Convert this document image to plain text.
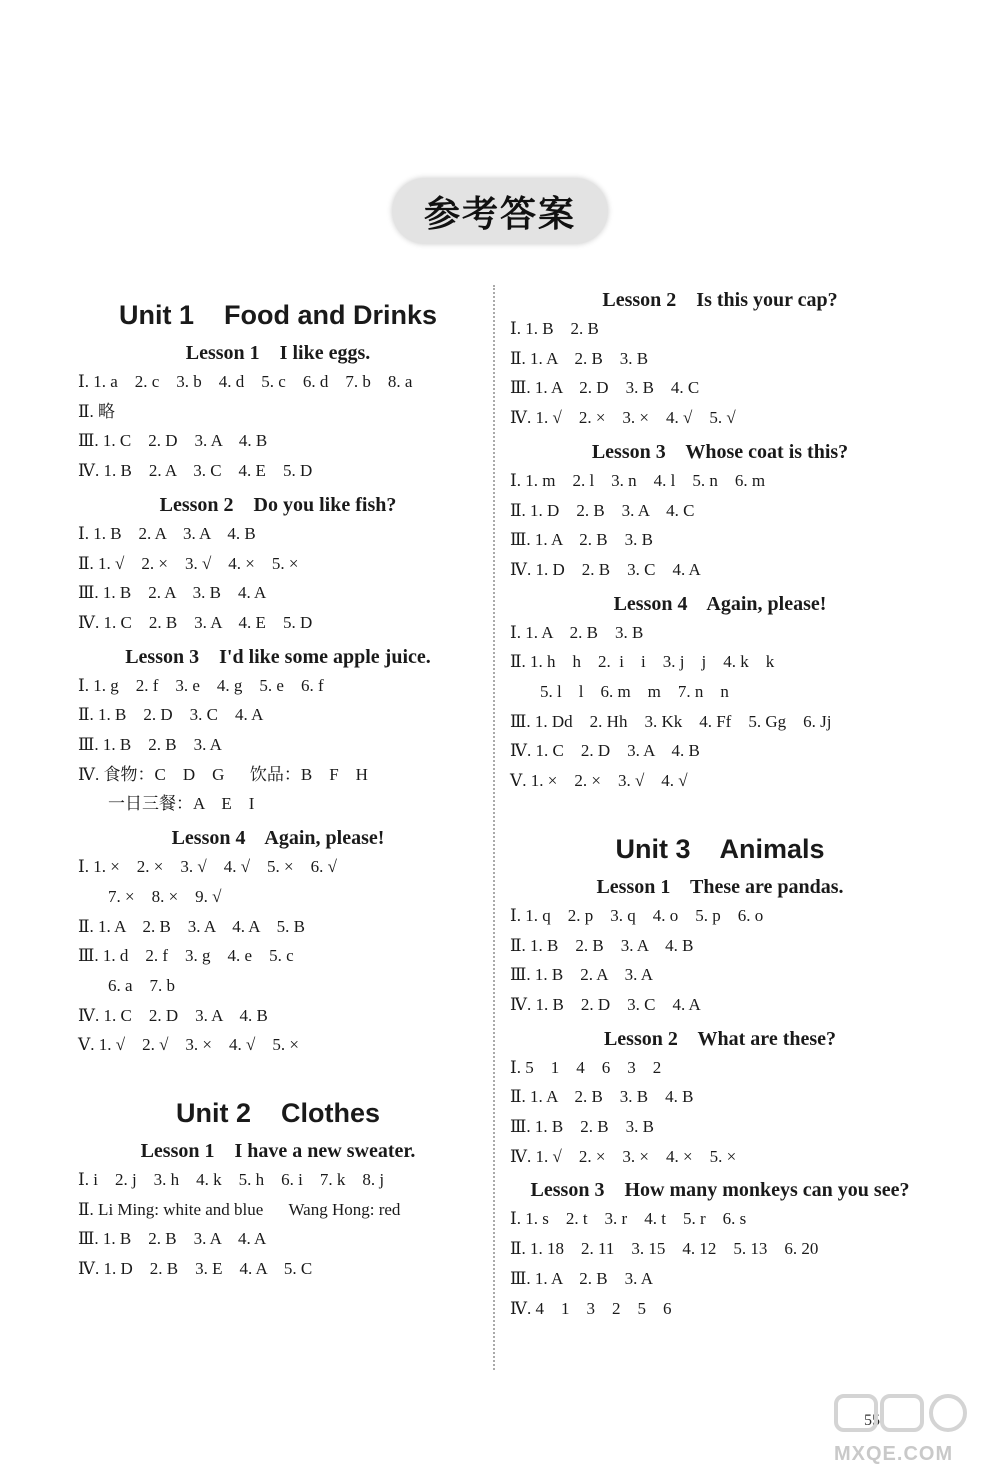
参考答案
Unit 1    Food and Drinks
Lesson 1    I like eggs.
Ⅰ. 1. a    2. c    3. b    4. d    5. c    6. d    7. b    8. a
Ⅱ. 略
Ⅲ. 1. C    2. D    3. A    4. B
Ⅳ. 1. B    2. A    3. C    4. E    5. D
Lesson 2    Do you like fish?
Ⅰ. 1. B    2. A    3. A    4. B
Ⅱ. 1. √    2. ×    3. √    4. ×    5. ×
Ⅲ. 1. B    2. A    3. B    4. A
Ⅳ. 1. C    2. B    3. A    4. E    5. D
Lesson 3    I'd like some apple juice.
Ⅰ. 1. g    2. f    3. e    4. g    5. e    6. f
Ⅱ. 1. B    2. D    3. C    4. A
Ⅲ. 1. B    2. B    3. A
Ⅳ. 食物：C    D    G      饮品：B    F    H
一日三餐：A    E    I
Lesson 4    Again, please!
Ⅰ. 1. ×    2. ×    3. √    4. √    5. ×    6. √
7. ×    8. ×    9. √
Ⅱ. 1. A    2. B    3. A    4. A    5. B
Ⅲ. 1. d    2. f    3. g    4. e    5. c
6. a    7. b
Ⅳ. 1. C    2. D    3. A    4. B
Ⅴ. 1. √    2. √    3. ×    4. √    5. ×
Unit 2    Clothes
Lesson 1    I have a new sweater.
Ⅰ. i    2. j    3. h    4. k    5. h    6. i    7. k    8. j
Ⅱ. Li Ming: white and blue      Wang Hong: red
Ⅲ. 1. B    2. B    3. A    4. A
Ⅳ. 1. D    2. B    3. E    4. A    5. C
Lesson 2    Is this your cap?
Ⅰ. 1. B    2. B
Ⅱ. 1. A    2. B    3. B
Ⅲ. 1. A    2. D    3. B    4. C
Ⅳ. 1. √    2. ×    3. ×    4. √    5. √
Lesson 3    Whose coat is this?
Ⅰ. 1. m    2. l    3. n    4. l    5. n    6. m
Ⅱ. 1. D    2. B    3. A    4. C
Ⅲ. 1. A    2. B    3. B
Ⅳ. 1. D    2. B    3. C    4. A
Lesson 4    Again, please!
Ⅰ. 1. A    2. B    3. B
Ⅱ. 1. h    h    2.  i    i    3. j    j    4. k    k
5. l    l    6. m    m    7. n    n
Ⅲ. 1. Dd    2. Hh    3. Kk    4. Ff    5. Gg    6. Jj
Ⅳ. 1. C    2. D    3. A    4. B
Ⅴ. 1. ×    2. ×    3. √    4. √
Unit 3    Animals
Lesson 1    These are pandas.
Ⅰ. 1. q    2. p    3. q    4. o    5. p    6. o
Ⅱ. 1. B    2. B    3. A    4. B
Ⅲ. 1. B    2. A    3. A
Ⅳ. 1. B    2. D    3. C    4. A
Lesson 2    What are these?
Ⅰ. 5    1    4    6    3    2
Ⅱ. 1. A    2. B    3. B    4. B
Ⅲ. 1. B    2. B    3. B
Ⅳ. 1. √    2. ×    3. ×    4. ×    5. ×
Lesson 3    How many monkeys can you see?
Ⅰ. 1. s    2. t    3. r    4. t    5. r    6. s
Ⅱ. 1. 18    2. 11    3. 15    4. 12    5. 13    6. 20
Ⅲ. 1. A    2. B    3. A
Ⅳ. 4    1    3    2    5    6
55
MXQE.COM
